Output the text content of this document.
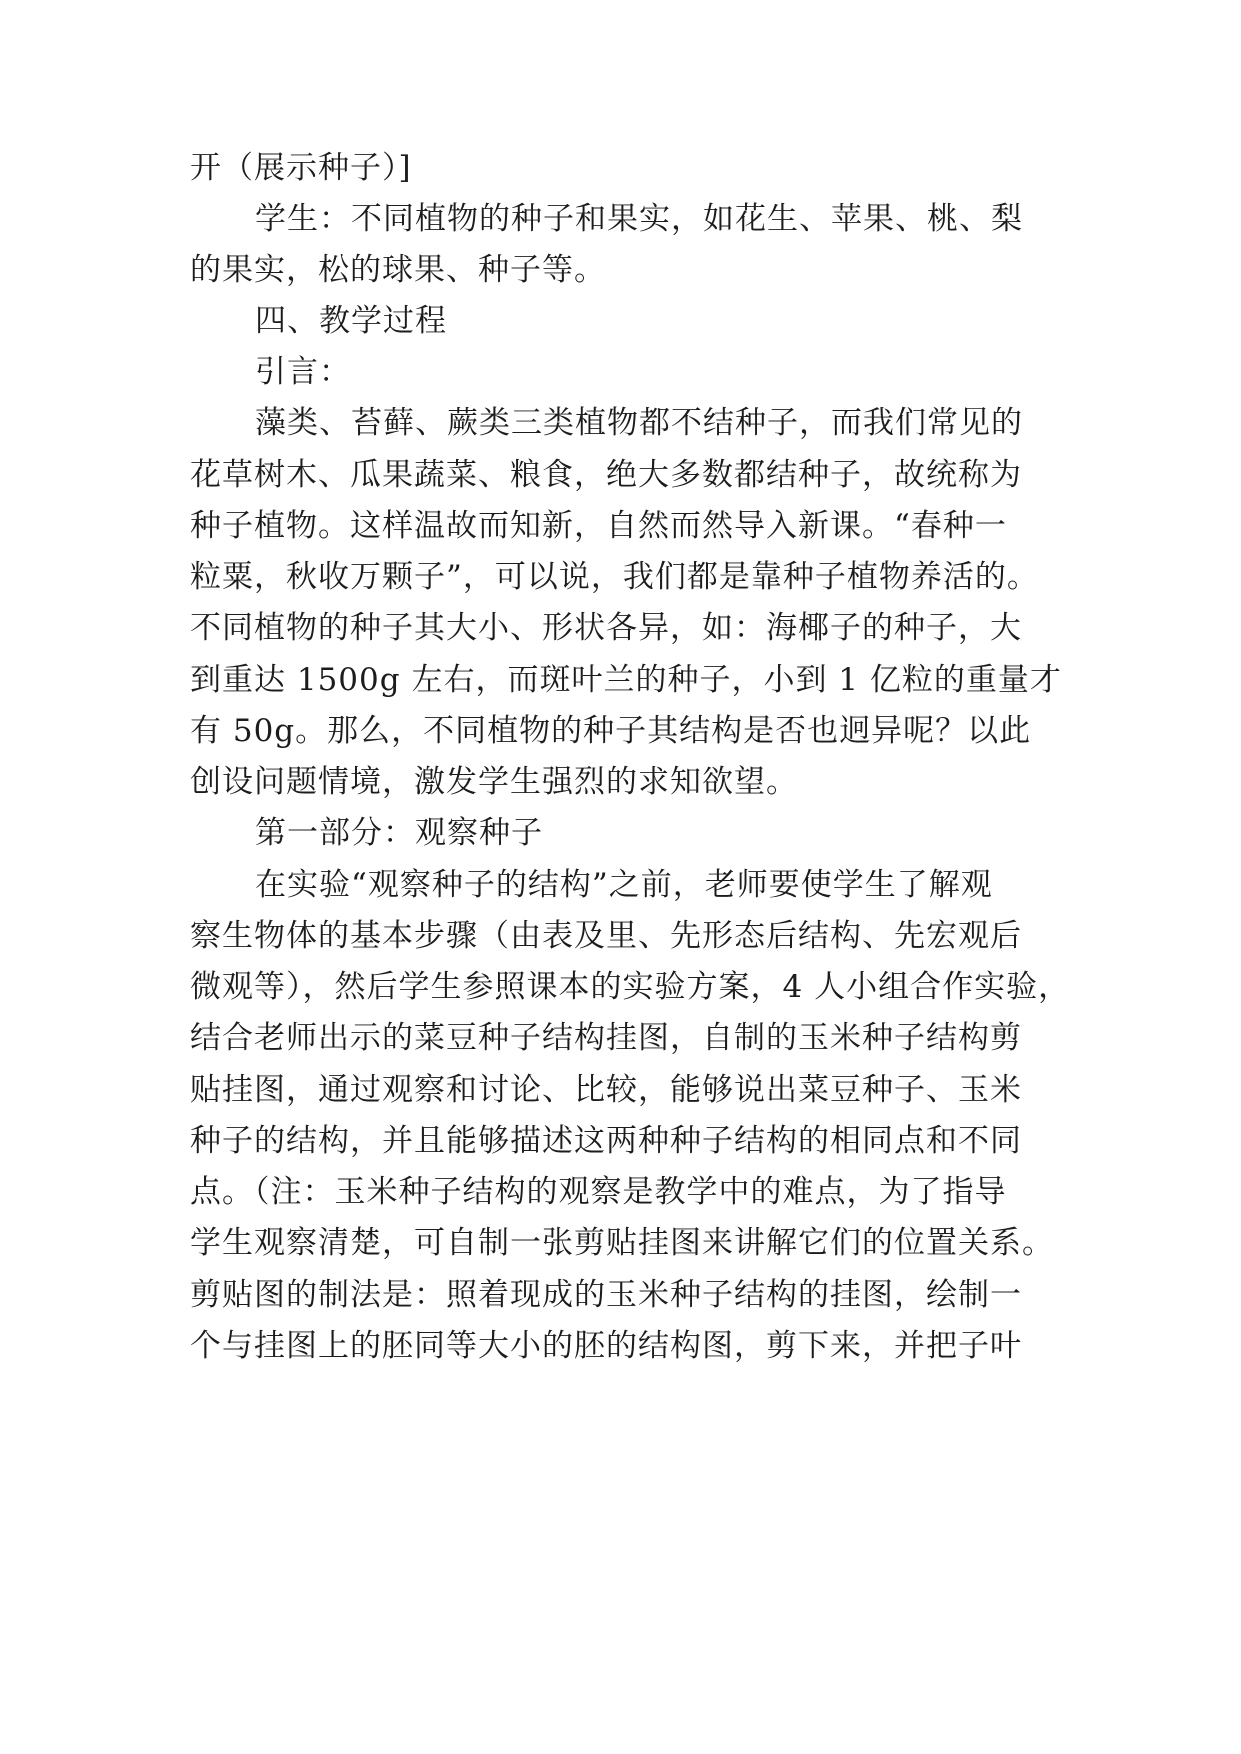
开（展示种子）]
学生：不同植物的种子和果实，如花生、苹果、桃、梨
的果实，松的球果、种子等。
四、教学过程
引言：
藻类、苔藓、蕨类三类植物都不结种子，而我们常见的
花草树木、瓜果蔬菜、粮食，绝大多数都结种子，故统称为
种子植物。这样温故而知新，自然而然导入新课。“春种一
粒粟，秋收万颗子”，可以说，我们都是靠种子植物养活的。
不同植物的种子其大小、形状各异，如：海椰子的种子，大
到重达 1500g 左右，而斑叶兰的种子，小到 1 亿粒的重量才
有 50g。那么，不同植物的种子其结构是否也迥异呢？以此
创设问题情境，激发学生强烈的求知欲望。
第一部分：观察种子
在实验“观察种子的结构”之前，老师要使学生了解观
察生物体的基本步骤（由表及里、先形态后结构、先宏观后
微观等），然后学生参照课本的实验方案，4 人小组合作实验，
结合老师出示的菜豆种子结构挂图，自制的玉米种子结构剪
贴挂图，通过观察和讨论、比较，能够说出菜豆种子、玉米
种子的结构，并且能够描述这两种种子结构的相同点和不同
点。（注：玉米种子结构的观察是教学中的难点，为了指导
学生观察清楚，可自制一张剪贴挂图来讲解它们的位置关系。
剪贴图的制法是：照着现成的玉米种子结构的挂图，绘制一
个与挂图上的胚同等大小的胚的结构图，剪下来，并把子叶
